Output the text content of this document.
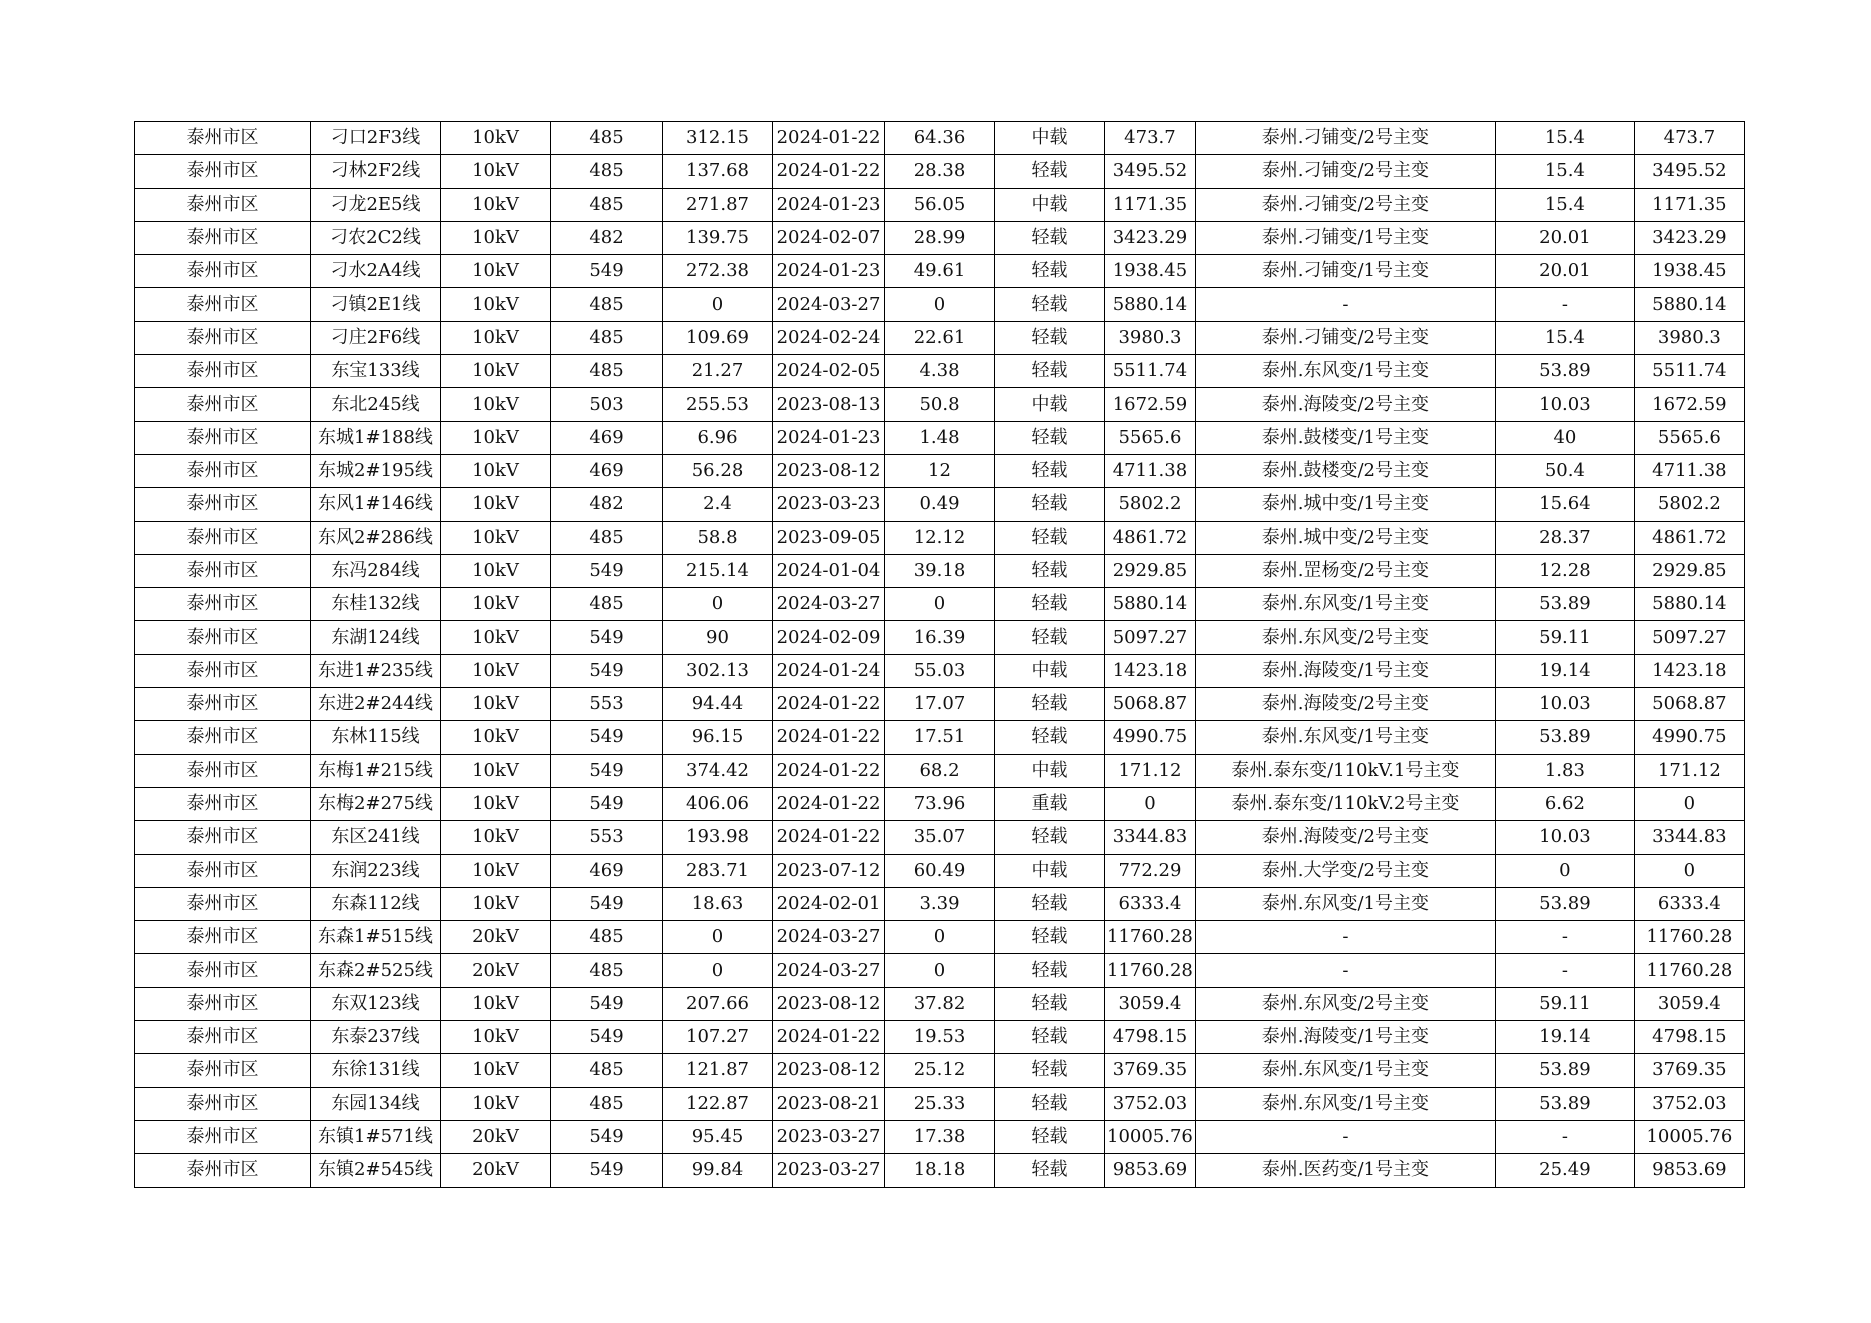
泰州市区	刁口2F3线	10kV	485	312.15	2024-01-22	64.36	中载	473.7	泰州.刁铺变/2号主变	15.4	473.7
泰州市区	刁林2F2线	10kV	485	137.68	2024-01-22	28.38	轻载	3495.52	泰州.刁铺变/2号主变	15.4	3495.52
泰州市区	刁龙2E5线	10kV	485	271.87	2024-01-23	56.05	中载	1171.35	泰州.刁铺变/2号主变	15.4	1171.35
泰州市区	刁农2C2线	10kV	482	139.75	2024-02-07	28.99	轻载	3423.29	泰州.刁铺变/1号主变	20.01	3423.29
泰州市区	刁水2A4线	10kV	549	272.38	2024-01-23	49.61	轻载	1938.45	泰州.刁铺变/1号主变	20.01	1938.45
泰州市区	刁镇2E1线	10kV	485	0	2024-03-27	0	轻载	5880.14	-	-	5880.14
泰州市区	刁庄2F6线	10kV	485	109.69	2024-02-24	22.61	轻载	3980.3	泰州.刁铺变/2号主变	15.4	3980.3
泰州市区	东宝133线	10kV	485	21.27	2024-02-05	4.38	轻载	5511.74	泰州.东风变/1号主变	53.89	5511.74
泰州市区	东北245线	10kV	503	255.53	2023-08-13	50.8	中载	1672.59	泰州.海陵变/2号主变	10.03	1672.59
泰州市区	东城1#188线	10kV	469	6.96	2024-01-23	1.48	轻载	5565.6	泰州.鼓楼变/1号主变	40	5565.6
泰州市区	东城2#195线	10kV	469	56.28	2023-08-12	12	轻载	4711.38	泰州.鼓楼变/2号主变	50.4	4711.38
泰州市区	东风1#146线	10kV	482	2.4	2023-03-23	0.49	轻载	5802.2	泰州.城中变/1号主变	15.64	5802.2
泰州市区	东风2#286线	10kV	485	58.8	2023-09-05	12.12	轻载	4861.72	泰州.城中变/2号主变	28.37	4861.72
泰州市区	东冯284线	10kV	549	215.14	2024-01-04	39.18	轻载	2929.85	泰州.罡杨变/2号主变	12.28	2929.85
泰州市区	东桂132线	10kV	485	0	2024-03-27	0	轻载	5880.14	泰州.东风变/1号主变	53.89	5880.14
泰州市区	东湖124线	10kV	549	90	2024-02-09	16.39	轻载	5097.27	泰州.东风变/2号主变	59.11	5097.27
泰州市区	东进1#235线	10kV	549	302.13	2024-01-24	55.03	中载	1423.18	泰州.海陵变/1号主变	19.14	1423.18
泰州市区	东进2#244线	10kV	553	94.44	2024-01-22	17.07	轻载	5068.87	泰州.海陵变/2号主变	10.03	5068.87
泰州市区	东林115线	10kV	549	96.15	2024-01-22	17.51	轻载	4990.75	泰州.东风变/1号主变	53.89	4990.75
泰州市区	东梅1#215线	10kV	549	374.42	2024-01-22	68.2	中载	171.12	泰州.泰东变/110kV.1号主变	1.83	171.12
泰州市区	东梅2#275线	10kV	549	406.06	2024-01-22	73.96	重载	0	泰州.泰东变/110kV.2号主变	6.62	0
泰州市区	东区241线	10kV	553	193.98	2024-01-22	35.07	轻载	3344.83	泰州.海陵变/2号主变	10.03	3344.83
泰州市区	东润223线	10kV	469	283.71	2023-07-12	60.49	中载	772.29	泰州.大学变/2号主变	0	0
泰州市区	东森112线	10kV	549	18.63	2024-02-01	3.39	轻载	6333.4	泰州.东风变/1号主变	53.89	6333.4
泰州市区	东森1#515线	20kV	485	0	2024-03-27	0	轻载	11760.28	-	-	11760.28
泰州市区	东森2#525线	20kV	485	0	2024-03-27	0	轻载	11760.28	-	-	11760.28
泰州市区	东双123线	10kV	549	207.66	2023-08-12	37.82	轻载	3059.4	泰州.东风变/2号主变	59.11	3059.4
泰州市区	东泰237线	10kV	549	107.27	2024-01-22	19.53	轻载	4798.15	泰州.海陵变/1号主变	19.14	4798.15
泰州市区	东徐131线	10kV	485	121.87	2023-08-12	25.12	轻载	3769.35	泰州.东风变/1号主变	53.89	3769.35
泰州市区	东园134线	10kV	485	122.87	2023-08-21	25.33	轻载	3752.03	泰州.东风变/1号主变	53.89	3752.03
泰州市区	东镇1#571线	20kV	549	95.45	2023-03-27	17.38	轻载	10005.76	-	-	10005.76
泰州市区	东镇2#545线	20kV	549	99.84	2023-03-27	18.18	轻载	9853.69	泰州.医药变/1号主变	25.49	9853.69
